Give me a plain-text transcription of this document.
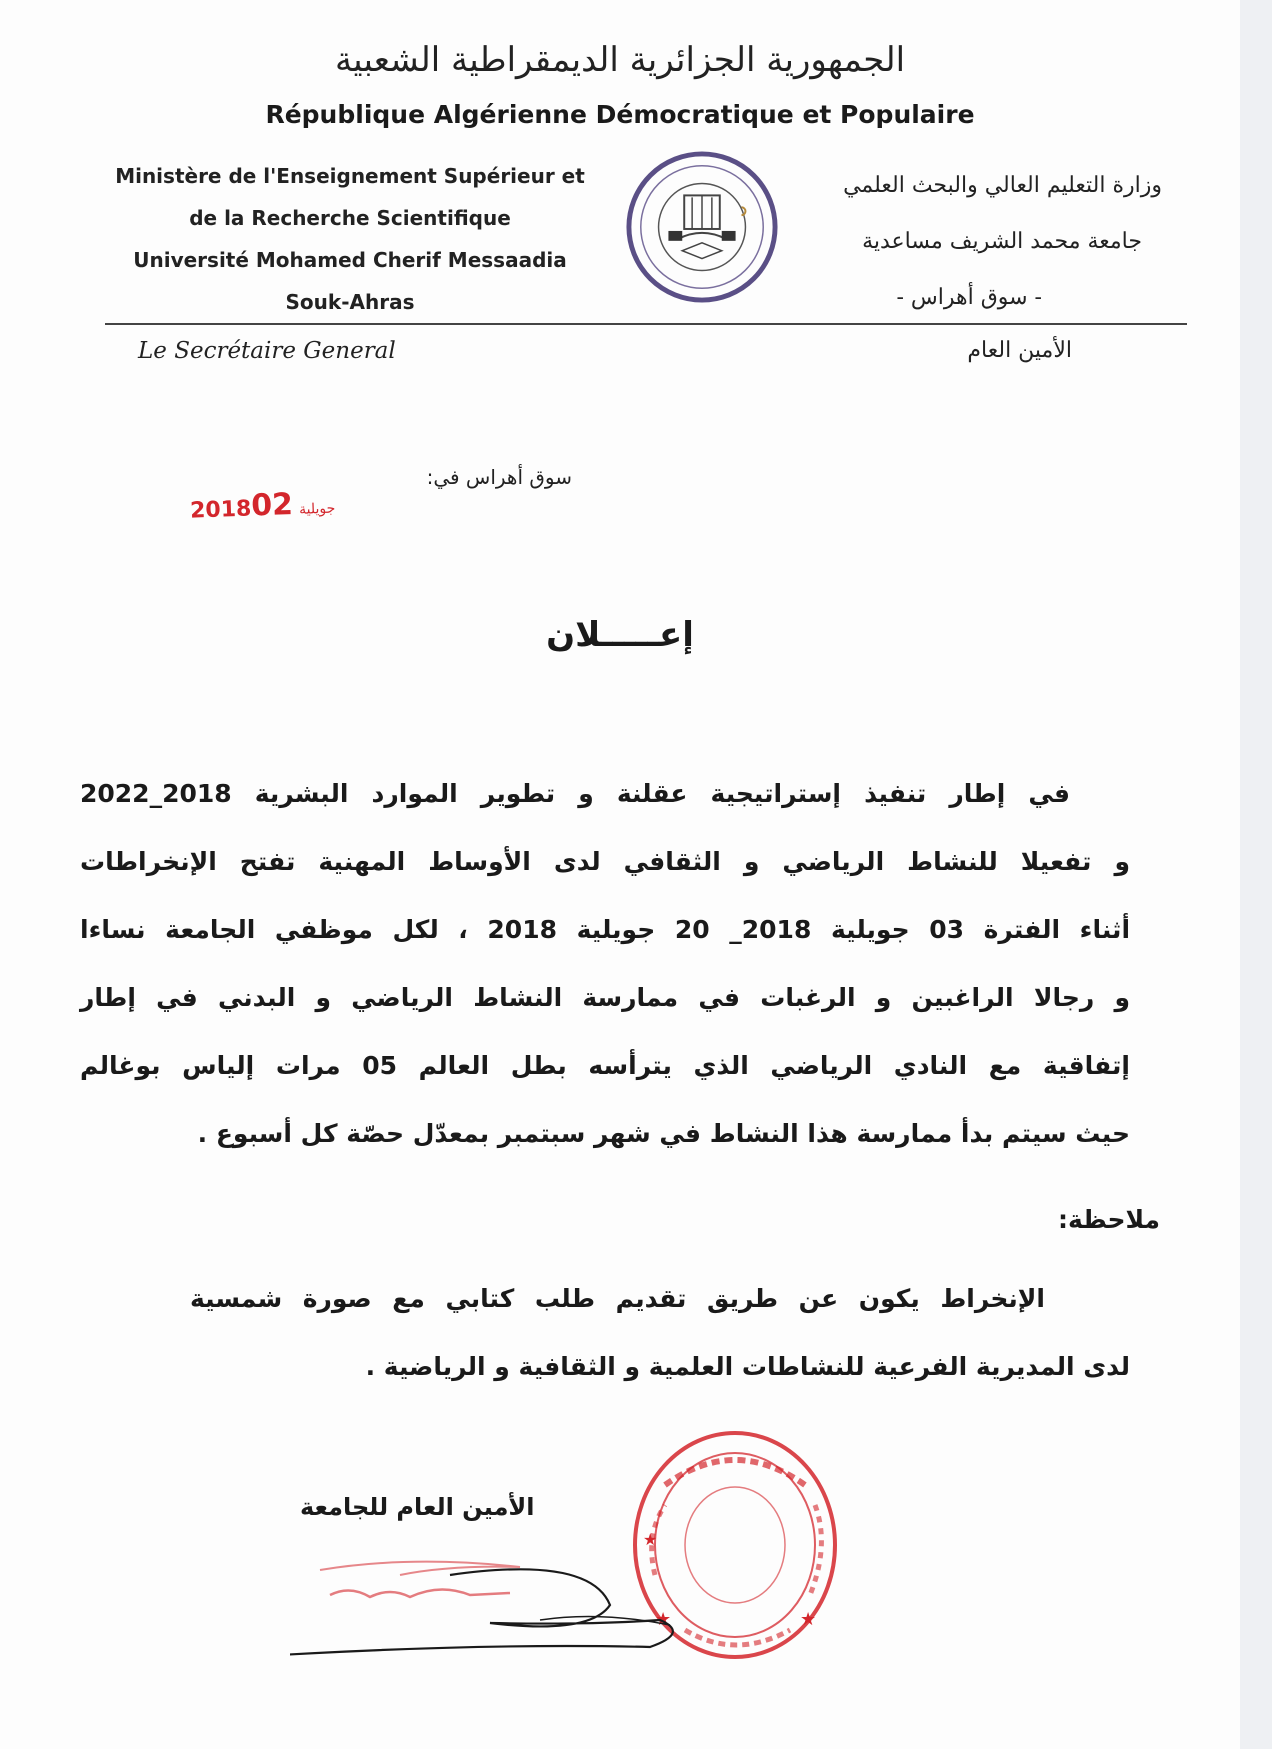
الجمهورية الجزائرية الديمقراطية الشعبية
République Algérienne Démocratique et Populaire
Ministère de l'Enseignement Supérieur et
de la Recherche Scientifique
Université Mohamed Cherif Messaadia
Souk-Ahras
وزارة التعليم العالي والبحث العلمي
جامعة محمد الشريف مساعدية
- سوق أهراس -
Le Secrétaire General	الأمين العام
سوق أهراس في:
2018	جويلية02
إعـــــلان

في إطار تنفيذ إستراتيجية عقلنة و تطوير الموارد البشرية 2018_2022

و تفعيلا للنشاط الرياضي و الثقافي لدى الأوساط المهنية تفتح الإنخراطات

أثناء الفترة 03 جويلية 2018_ 20 جويلية 2018 ، لكل موظفي الجامعة نساءا

و رجالا الراغبين و الرغبات في ممارسة النشاط الرياضي و البدني في إطار

إتفاقية مع النادي الرياضي الذي يترأسه بطل العالم 05 مرات إلياس بوغالم

حيث سيتم بدأ ممارسة هذا النشاط في شهر سبتمبر بمعدّل حصّة كل أسبوع .

ملاحظة:

الإنخراط يكون عن طريق تقديم طلب كتابي مع صورة شمسية

لدى المديرية الفرعية للنشاطات العلمية و الثقافية و الرياضية .

★	★
★
الأمين العام للجامعة
